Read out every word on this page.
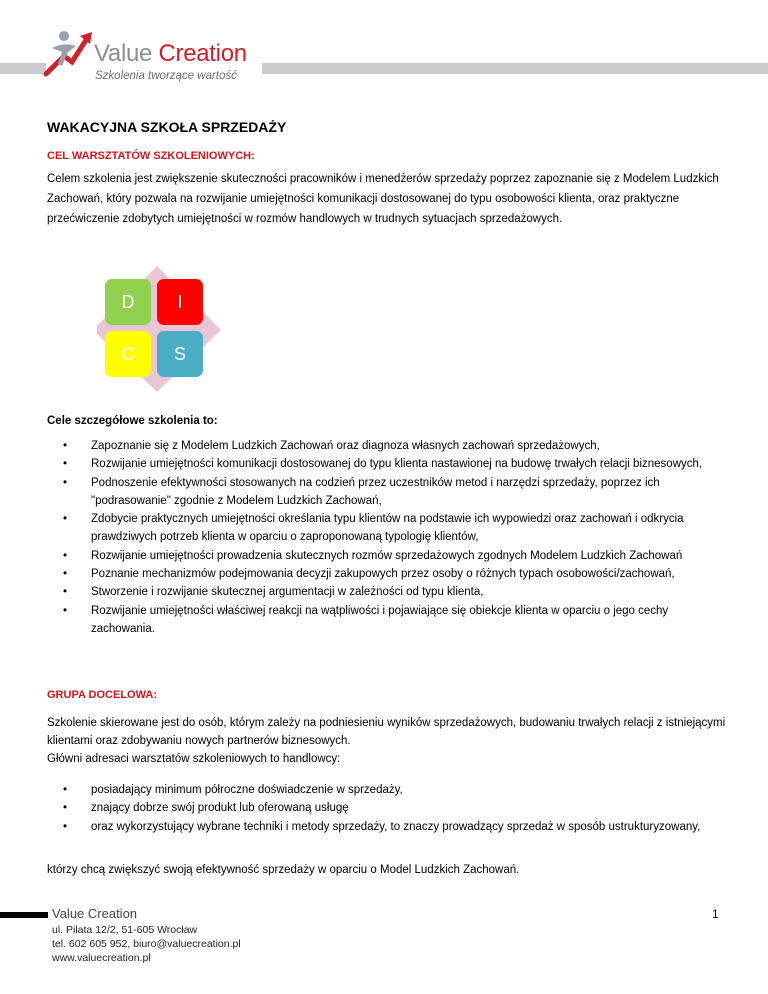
Value Creation
Szkolenia tworzące wartość
WAKACYJNA SZKOŁA SPRZEDAŻY
CEL WARSZTATÓW SZKOLENIOWYCH:

Celem szkolenia jest zwiększenie skuteczności pracowników i menedżerów sprzedaży poprzez zapoznanie się z Modelem Ludzkich Zachowań, który pozwala na rozwijanie umiejętności komunikacji dostosowanej do typu osobowości klienta, oraz praktyczne przećwiczenie zdobytych umiejętności w rozmów handlowych w trudnych sytuacjach sprzedażowych.

D	I
C	S
Cele szczegółowe szkolenia to:
• Zapoznanie się z Modelem Ludzkich Zachowań oraz diagnoza własnych zachowań sprzedażowych,
• Rozwijanie umiejętności komunikacji dostosowanej do typu klienta nastawionej na budowę trwałych relacji biznesowych,
• Podnoszenie efektywności stosowanych na codzień przez uczestników metod i narzędzi sprzedaży, poprzez ich "podrasowanie" zgodnie z Modelem Ludzkich Zachowań,
• Zdobycie praktycznych umiejętności określania typu klientów na podstawie ich wypowiedzi oraz zachowań i odkrycia prawdziwych potrzeb klienta w oparciu o zaproponowaną typologię klientów,
• Rozwijanie umiejętności prowadzenia skutecznych rozmów sprzedażowych zgodnych Modelem Ludzkich Zachowań
• Poznanie mechanizmów podejmowania decyzji zakupowych przez osoby o różnych typach osobowości/zachowań,
• Stworzenie i rozwijanie skutecznej argumentacji w zależności od typu klienta,
• Rozwijanie umiejętności właściwej reakcji na wątpliwości i pojawiające się obiekcje klienta w oparciu o jego cechy zachowania.
GRUPA DOCELOWA:

Szkolenie skierowane jest do osób, którym zależy na podniesieniu wyników sprzedażowych, budowaniu trwałych relacji z istniejącymi klientami oraz zdobywaniu nowych partnerów biznesowych.

Główni adresaci warsztatów szkoleniowych to handlowcy:

• posiadający minimum półroczne doświadczenie w sprzedaży,
• znający dobrze swój produkt lub oferowaną usługę
• oraz wykorzystujący wybrane techniki i metody sprzedaży, to znaczy prowadzący sprzedaż w sposób ustrukturyzowany,

którzy chcą zwiększyć swoją efektywność sprzedaży w oparciu o Model Ludzkich Zachowań.

Value Creation
ul. Pilata 12/2, 51-605 Wrocław
tel. 602 605 952, biuro@valuecreation.pl
www.valuecreation.pl
1
